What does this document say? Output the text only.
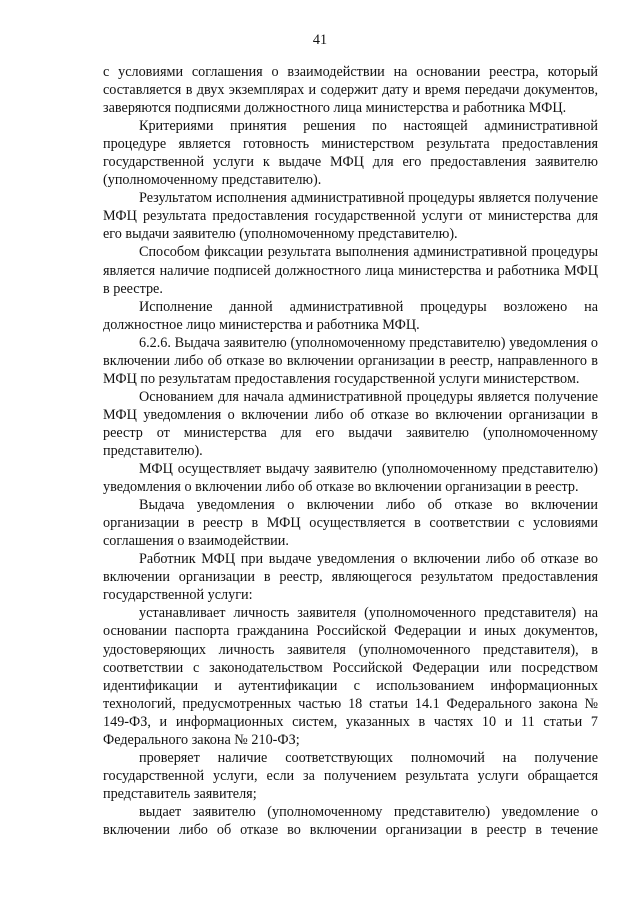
41

с условиями соглашения о взаимодействии на основании реестра, который составляется в двух экземплярах и содержит дату и время передачи документов, заверяются подписями должностного лица министерства и работника МФЦ.

Критериями принятия решения по настоящей административной процедуре является готовность министерством результата предоставления государственной услуги к выдаче МФЦ для его предоставления заявителю (уполномоченному представителю).

Результатом исполнения административной процедуры является получение МФЦ результата предоставления государственной услуги от министерства для его выдачи заявителю (уполномоченному представителю).

Способом фиксации результата выполнения административной процедуры является наличие подписей должностного лица министерства и работника МФЦ в реестре.

Исполнение данной административной процедуры возложено на должностное лицо министерства и работника МФЦ.

6.2.6. Выдача заявителю (уполномоченному представителю) уведомления о включении либо об отказе во включении организации в реестр, направленного в МФЦ по результатам предоставления государственной услуги министерством.

Основанием для начала административной процедуры является получение МФЦ уведомления о включении либо об отказе во включении организации в реестр от министерства для его выдачи заявителю (уполномоченному представителю).

МФЦ осуществляет выдачу заявителю (уполномоченному представителю) уведомления о включении либо об отказе во включении организации в реестр.

Выдача уведомления о включении либо об отказе во включении организации в реестр в МФЦ осуществляется в соответствии с условиями соглашения о взаимодействии.

Работник МФЦ при выдаче уведомления о включении либо об отказе во включении организации в реестр, являющегося результатом предоставления государственной услуги:

устанавливает личность заявителя (уполномоченного представителя) на основании паспорта гражданина Российской Федерации и иных документов, удостоверяющих личность заявителя (уполномоченного представителя), в соответствии с законодательством Российской Федерации или посредством идентификации и аутентификации с использованием информационных технологий, предусмотренных частью 18 статьи 14.1 Федерального закона № 149-ФЗ, и информационных систем, указанных в частях 10 и 11 статьи 7 Федерального закона № 210-ФЗ;

проверяет наличие соответствующих полномочий на получение государственной услуги, если за получением результата услуги обращается представитель заявителя;

выдает заявителю (уполномоченному представителю) уведомление о включении либо об отказе во включении организации в реестр в течение
